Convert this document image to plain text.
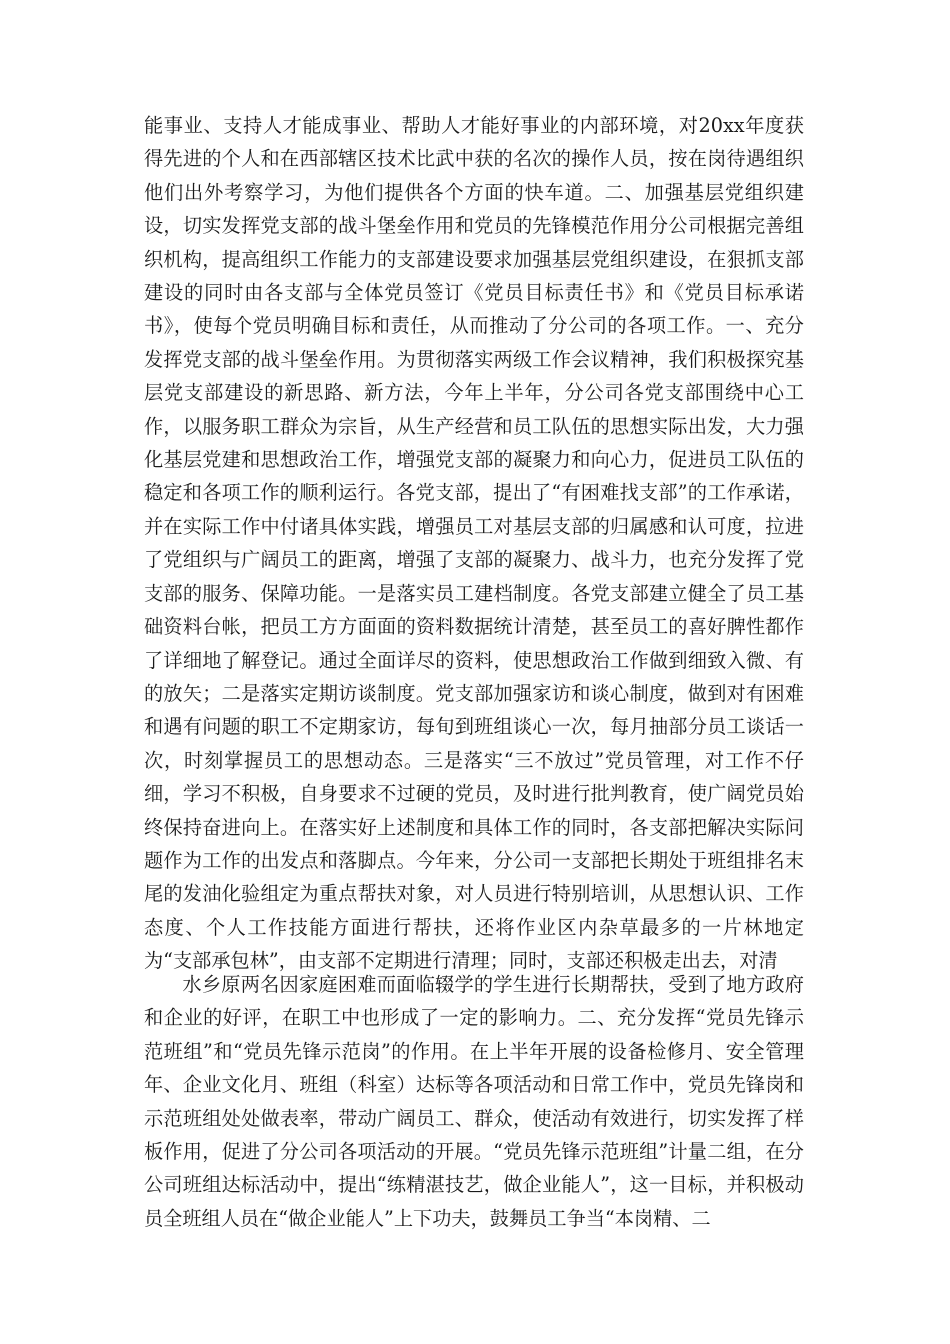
能事业、支持人才能成事业、帮助人才能好事业的内部环境，对20xx年度获得先进的个人和在西部辖区技术比武中获的名次的操作人员，按在岗待遇组织他们出外考察学习，为他们提供各个方面的快车道。二、加强基层党组织建设，切实发挥党支部的战斗堡垒作用和党员的先锋模范作用分公司根据完善组织机构，提高组织工作能力的支部建设要求加强基层党组织建设，在狠抓支部建设的同时由各支部与全体党员签订《党员目标责任书》和《党员目标承诺书》，使每个党员明确目标和责任，从而推动了分公司的各项工作。一、充分发挥党支部的战斗堡垒作用。为贯彻落实两级工作会议精神，我们积极探究基层党支部建设的新思路、新方法，今年上半年，分公司各党支部围绕中心工作，以服务职工群众为宗旨，从生产经营和员工队伍的思想实际出发，大力强化基层党建和思想政治工作，增强党支部的凝聚力和向心力，促进员工队伍的稳定和各项工作的顺利运行。各党支部，提出了“有困难找支部”的工作承诺，并在实际工作中付诸具体实践，增强员工对基层支部的归属感和认可度，拉进了党组织与广阔员工的距离，增强了支部的凝聚力、战斗力，也充分发挥了党支部的服务、保障功能。一是落实员工建档制度。各党支部建立健全了员工基础资料台帐，把员工方方面面的资料数据统计清楚，甚至员工的喜好脾性都作了详细地了解登记。通过全面详尽的资料，使思想政治工作做到细致入微、有的放矢；二是落实定期访谈制度。党支部加强家访和谈心制度，做到对有困难和遇有问题的职工不定期家访，每旬到班组谈心一次，每月抽部分员工谈话一次，时刻掌握员工的思想动态。三是落实“三不放过”党员管理，对工作不仔细，学习不积极，自身要求不过硬的党员，及时进行批判教育，使广阔党员始终保持奋进向上。在落实好上述制度和具体工作的同时，各支部把解决实际问题作为工作的出发点和落脚点。今年来，分公司一支部把长期处于班组排名末尾的发油化验组定为重点帮扶对象，对人员进行特别培训，从思想认识、工作态度、个人工作技能方面进行帮扶，还将作业区内杂草最多的一片林地定为“支部承包林”，由支部不定期进行清理；同时，支部还积极走出去，对清

水乡原两名因家庭困难而面临辍学的学生进行长期帮扶，受到了地方政府和企业的好评，在职工中也形成了一定的影响力。二、充分发挥“党员先锋示范班组”和“党员先锋示范岗”的作用。在上半年开展的设备检修月、安全管理年、企业文化月、班组（科室）达标等各项活动和日常工作中，党员先锋岗和示范班组处处做表率，带动广阔员工、群众，使活动有效进行，切实发挥了样板作用，促进了分公司各项活动的开展。“党员先锋示范班组”计量二组，在分公司班组达标活动中，提出“练精湛技艺，做企业能人”，这一目标，并积极动员全班组人员在“做企业能人”上下功夫，鼓舞员工争当“本岗精、二
